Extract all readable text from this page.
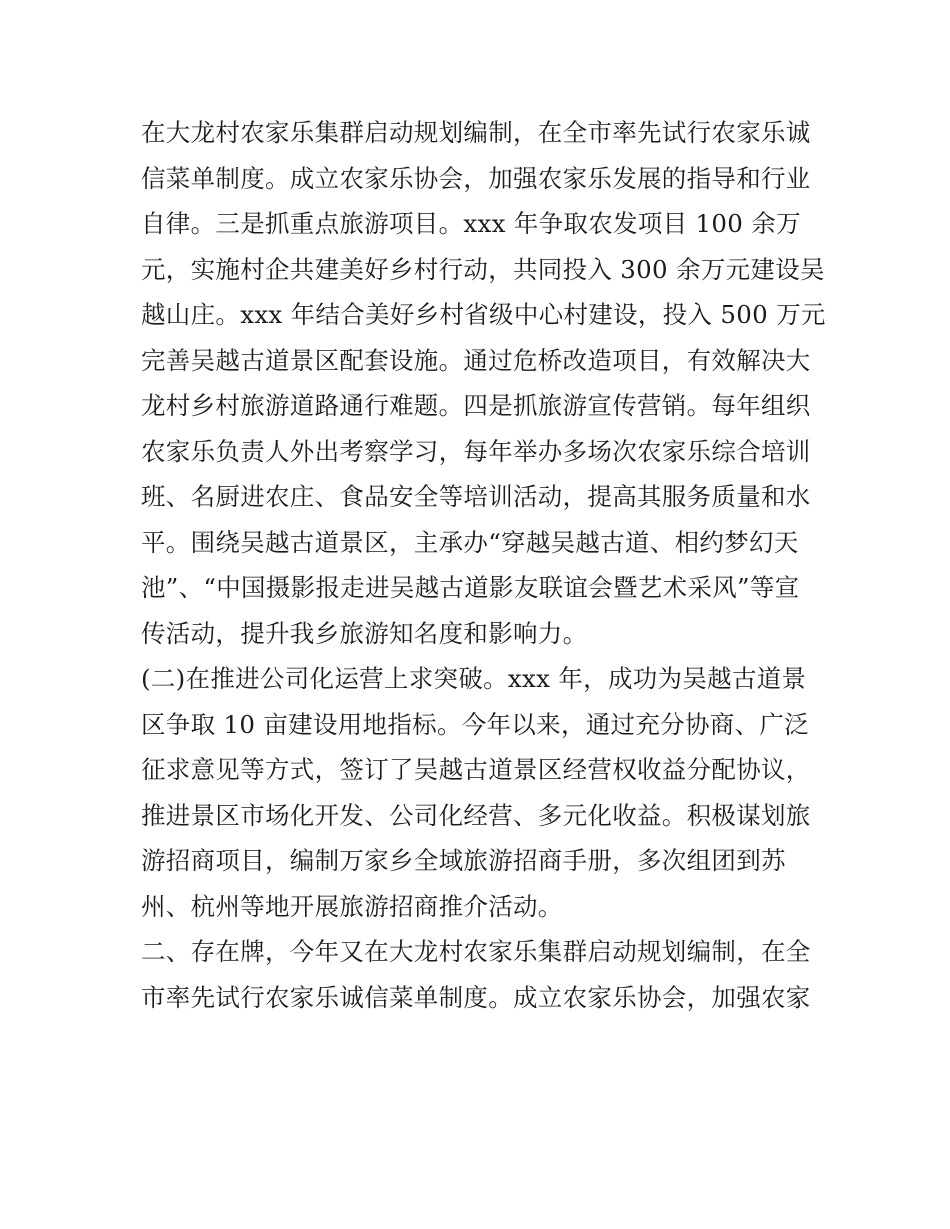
在大龙村农家乐集群启动规划编制，在全市率先试行农家乐诚
信菜单制度。成立农家乐协会，加强农家乐发展的指导和行业
自律。三是抓重点旅游项目。xxx 年争取农发项目 100 余万
元，实施村企共建美好乡村行动，共同投入 300 余万元建设吴
越山庄。xxx 年结合美好乡村省级中心村建设，投入 500 万元
完善吴越古道景区配套设施。通过危桥改造项目，有效解决大
龙村乡村旅游道路通行难题。四是抓旅游宣传营销。每年组织
农家乐负责人外出考察学习，每年举办多场次农家乐综合培训
班、名厨进农庄、食品安全等培训活动，提高其服务质量和水
平。围绕吴越古道景区，主承办“穿越吴越古道、相约梦幻天
池”、“中国摄影报走进吴越古道影友联谊会暨艺术采风”等宣
传活动，提升我乡旅游知名度和影响力。
(二)在推进公司化运营上求突破。xxx 年，成功为吴越古道景
区争取 10 亩建设用地指标。今年以来，通过充分协商、广泛
征求意见等方式，签订了吴越古道景区经营权收益分配协议，
推进景区市场化开发、公司化经营、多元化收益。积极谋划旅
游招商项目，编制万家乡全域旅游招商手册，多次组团到苏
州、杭州等地开展旅游招商推介活动。
二、存在牌，今年又在大龙村农家乐集群启动规划编制，在全
市率先试行农家乐诚信菜单制度。成立农家乐协会，加强农家
